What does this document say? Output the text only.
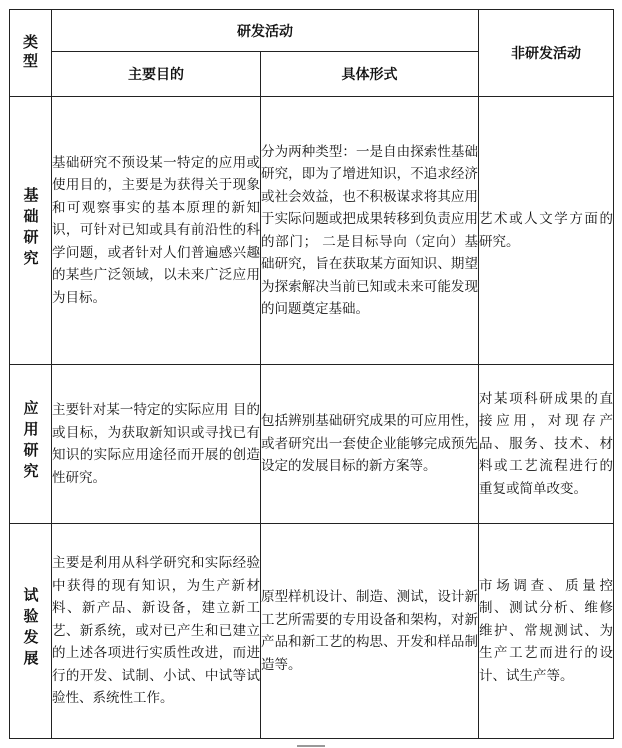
类型	研发活动		非研发活动
	主要目的	具体形式	
基础研究	基础研究不预设某一特定的应用或使用目的，主要是为获得关于现象和可观察事实的基本原理的新知识，可针对已知或具有前沿性的科学问题，或者针对人们普遍感兴趣的某些广泛领域，以未来广泛应用为目标。	分为两种类型：一是自由探索性基础研究，即为了增进知识，不追求经济或社会效益，也不积极谋求将其应用于实际问题或把成果转移到负责应用的部门； 二是目标导向（定向）基础研究，旨在获取某方面知识、期望为探索解决当前已知或未来可能发现的问题奠定基础。	艺术或人文学方面的研究。
应用研究	主要针对某一特定的实际应用 目的或目标，为获取新知识或寻找已有知识的实际应用途径而开展的创造性研究。	包括辨别基础研究成果的可应用性，或者研究出一套使企业能够完成预先设定的发展目标的新方案等。	对某项科研成果的直接应用，对现存产品、服务、技术、材料或工艺流程进行的重复或简单改变。
试验发展	主要是利用从科学研究和实际经验中获得的现有知识，为生产新材料、新产品、新设备，建立新工艺、新系统，或对已产生和已建立的上述各项进行实质性改进，而进行的开发、试制、小试、中试等试验性、系统性工作。	原型样机设计、制造、测试，设计新工艺所需要的专用设备和架构，对新产品和新工艺的构思、开发和样品制造等。	市场调查、质量控制、测试分析、维修维护、常规测试、为生产工艺而进行的设计、试生产等。
